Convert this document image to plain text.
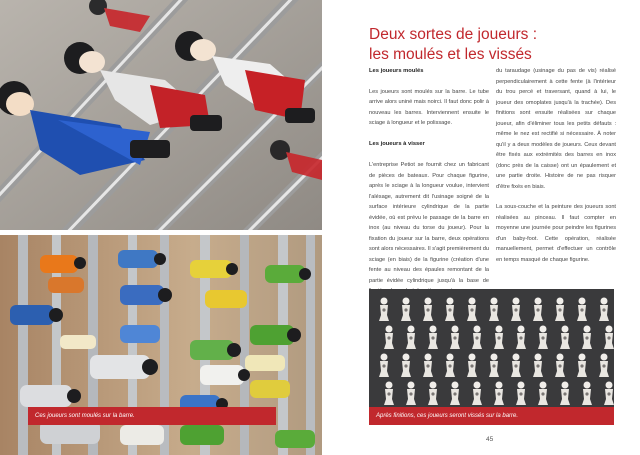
Ces joueurs sont moulés sur la barre.
Deux sortes de joueurs :
les moulés et les vissés
Les joueurs moulés

Les joueurs sont moulés sur la barre. Le tube arrive alors uniné mais noirci. Il faut donc polir à nouveau les barres. Interviennent ensuite le sciage à longueur et le polissage.

Les joueurs à visser

L'entreprise Petiot se fournit chez un fabricant de pièces de bateaux. Pour chaque figurine, après le sciage à la longueur voulue, intervient l'alésage, autrement dit l'usinage soigné de la surface intérieure cylindrique de la partie évidée, où est prévu le passage de la barre en inox (au niveau du torse du joueur). Pour la fixation du joueur sur la barre, deux opérations sont alors nécessaires. Il s'agit premièrement du sciage (en biais) de la figurine (création d'une fente au niveau des épaules remontant de la partie évidée cylindrique jusqu'à la base de

du taraudage (usinage du pas de vis) réalisé perpendiculairement à cette fente (à l'intérieur du trou percé et traversant, quand à lui, le joueur des omoplates jusqu'à la trachée). Des finitions sont ensuite réalisées sur chaque joueur, afin d'éliminer tous les petits défauts : même le nez est rectifié si nécessaire. À noter qu'il y a deux modèles de joueurs. Ceux devant être fixés aux extrémités des barres en inox (donc près de la caisse) ont un épaulement et une partie droite. Histoire de ne pas risquer d'être fixés en biais.

La sous-couche et la peinture des joueurs sont réalisées au pinceau. Il faut compter en moyenne une journée pour peindre les figurines d'un baby-foot. Cette opération, réalisée manuellement, permet d'effectuer un contrôle en temps masqué de chaque figurine.

Après finitions, ces joueurs seront vissés sur la barre.
45
